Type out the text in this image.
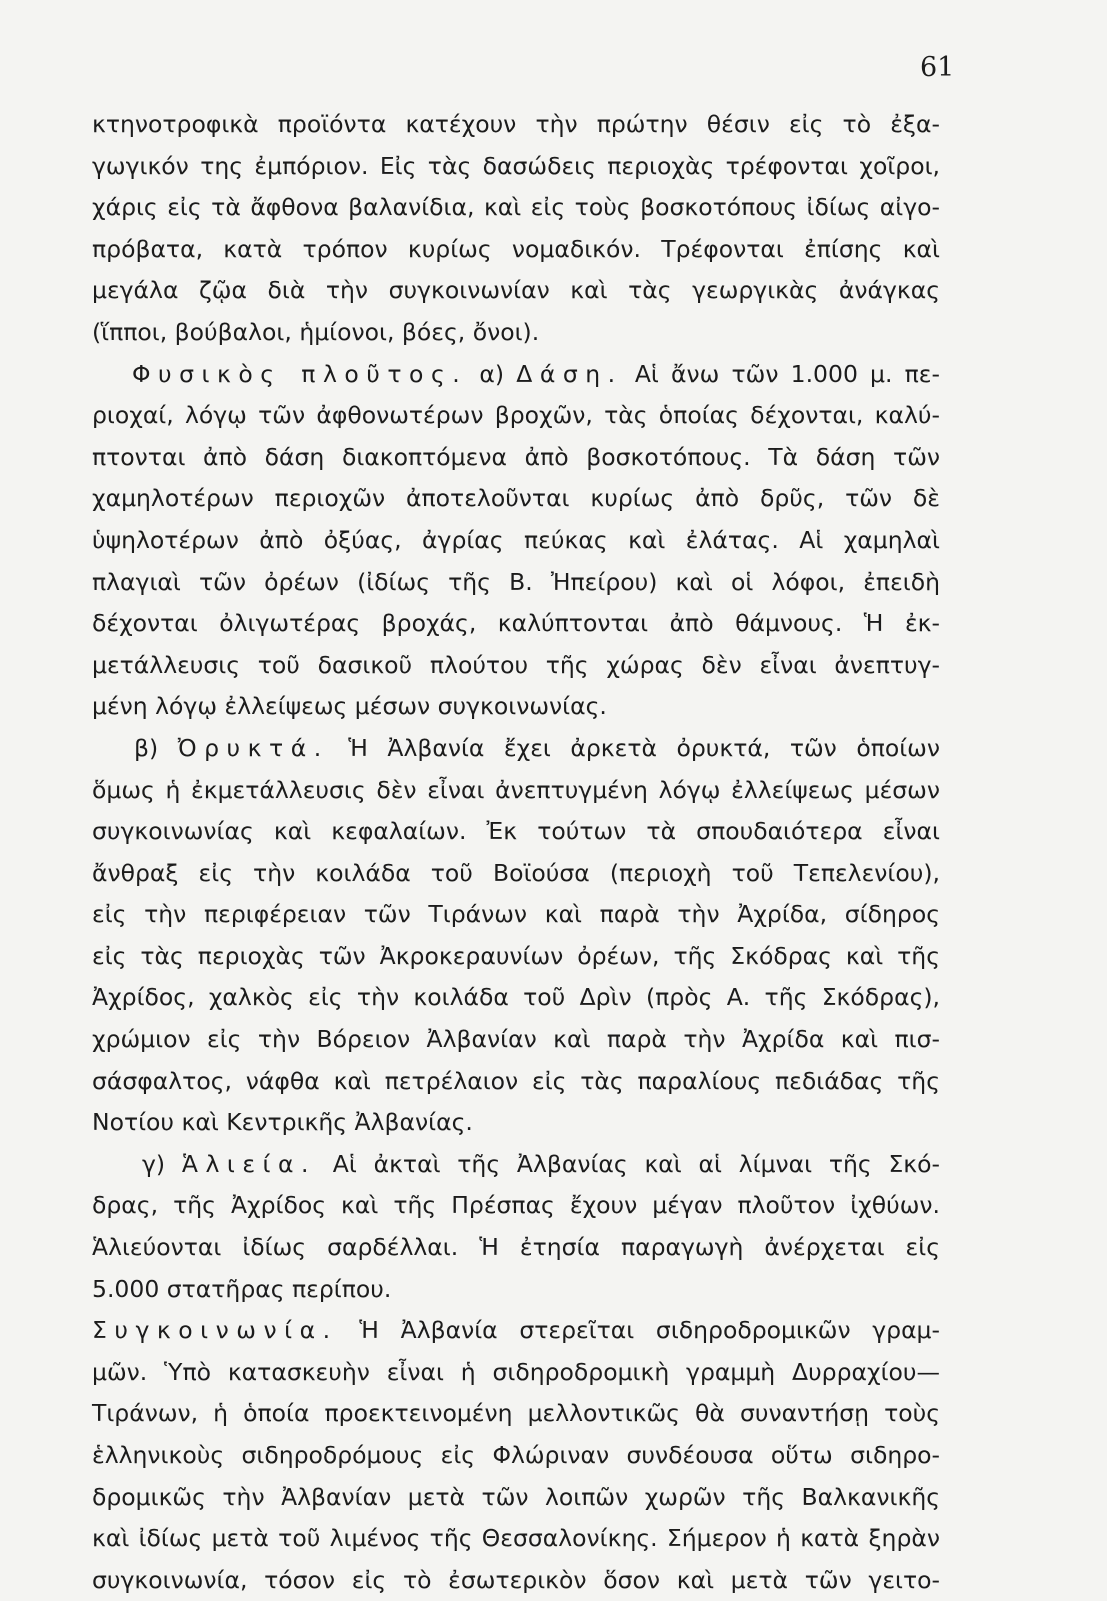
61
κτηνοτροφικὰ προϊόντα κατέχουν τὴν πρώτην θέσιν εἰς τὸ ἐξα-
γωγικόν της ἐμπόριον. Εἰς τὰς δασώδεις περιοχὰς τρέφονται χοῖροι,
χάρις εἰς τὰ ἄφθονα βαλανίδια, καὶ εἰς τοὺς βοσκοτόπους ἰδίως αἰγο-
πρόβατα, κατὰ τρόπον κυρίως νομαδικόν. Τρέφονται ἐπίσης καὶ
μεγάλα ζῷα διὰ τὴν συγκοινωνίαν καὶ τὰς γεωργικὰς ἀνάγκας
(ἵπποι, βούβαλοι, ἡμίονοι, βόες, ὄνοι).
Φυσικὸς πλοῦτος. α) Δάση. Αἱ ἄνω τῶν 1.000 μ. πε-
ριοχαί, λόγῳ τῶν ἀφθονωτέρων βροχῶν, τὰς ὁποίας δέχονται, καλύ-
πτονται ἀπὸ δάση διακοπτόμενα ἀπὸ βοσκοτόπους. Τὰ δάση τῶν
χαμηλοτέρων περιοχῶν ἀποτελοῦνται κυρίως ἀπὸ δρῦς, τῶν δὲ
ὑψηλοτέρων ἀπὸ ὀξύας, ἀγρίας πεύκας καὶ ἐλάτας. Αἱ χαμηλαὶ
πλαγιαὶ τῶν ὀρέων (ἰδίως τῆς Β. Ἠπείρου) καὶ οἱ λόφοι, ἐπειδὴ
δέχονται ὀλιγωτέρας βροχάς, καλύπτονται ἀπὸ θάμνους. Ἡ ἐκ-
μετάλλευσις τοῦ δασικοῦ πλούτου τῆς χώρας δὲν εἶναι ἀνεπτυγ-
μένη λόγῳ ἐλλείψεως μέσων συγκοινωνίας.
β) Ὀρυκτά. Ἡ Ἀλβανία ἔχει ἀρκετὰ ὀρυκτά, τῶν ὁποίων
ὅμως ἡ ἐκμετάλλευσις δὲν εἶναι ἀνεπτυγμένη λόγῳ ἐλλείψεως μέσων
συγκοινωνίας καὶ κεφαλαίων. Ἐκ τούτων τὰ σπουδαιότερα εἶναι
ἄνθραξ εἰς τὴν κοιλάδα τοῦ Βοϊούσα (περιοχὴ τοῦ Τεπελενίου),
εἰς τὴν περιφέρειαν τῶν Τιράνων καὶ παρὰ τὴν Ἀχρίδα, σίδηρος
εἰς τὰς περιοχὰς τῶν Ἀκροκεραυνίων ὀρέων, τῆς Σκόδρας καὶ τῆς
Ἀχρίδος, χαλκὸς εἰς τὴν κοιλάδα τοῦ Δρὶν (πρὸς Α. τῆς Σκόδρας),
χρώμιον εἰς τὴν Βόρειον Ἀλβανίαν καὶ παρὰ τὴν Ἀχρίδα καὶ πισ-
σάσφαλτος, νάφθα καὶ πετρέλαιον εἰς τὰς παραλίους πεδιάδας τῆς
Νοτίου καὶ Κεντρικῆς Ἀλβανίας.
γ) Ἁλιεία. Αἱ ἀκταὶ τῆς Ἀλβανίας καὶ αἱ λίμναι τῆς Σκό-
δρας, τῆς Ἀχρίδος καὶ τῆς Πρέσπας ἔχουν μέγαν πλοῦτον ἰχθύων.
Ἁλιεύονται ἰδίως σαρδέλλαι. Ἡ ἐτησία παραγωγὴ ἀνέρχεται εἰς
5.000 στατῆρας περίπου.
Συγκοινωνία. Ἡ Ἀλβανία στερεῖται σιδηροδρομικῶν γραμ-
μῶν. Ὑπὸ κατασκευὴν εἶναι ἡ σιδηροδρομικὴ γραμμὴ Δυρραχίου—
Τιράνων, ἡ ὁποία προεκτεινομένη μελλοντικῶς θὰ συναντήσῃ τοὺς
ἑλληνικοὺς σιδηροδρόμους εἰς Φλώριναν συνδέουσα οὕτω σιδηρο-
δρομικῶς τὴν Ἀλβανίαν μετὰ τῶν λοιπῶν χωρῶν τῆς Βαλκανικῆς
καὶ ἰδίως μετὰ τοῦ λιμένος τῆς Θεσσαλονίκης. Σήμερον ἡ κατὰ ξηρὰν
συγκοινωνία, τόσον εἰς τὸ ἐσωτερικὸν ὅσον καὶ μετὰ τῶν γειτο-
